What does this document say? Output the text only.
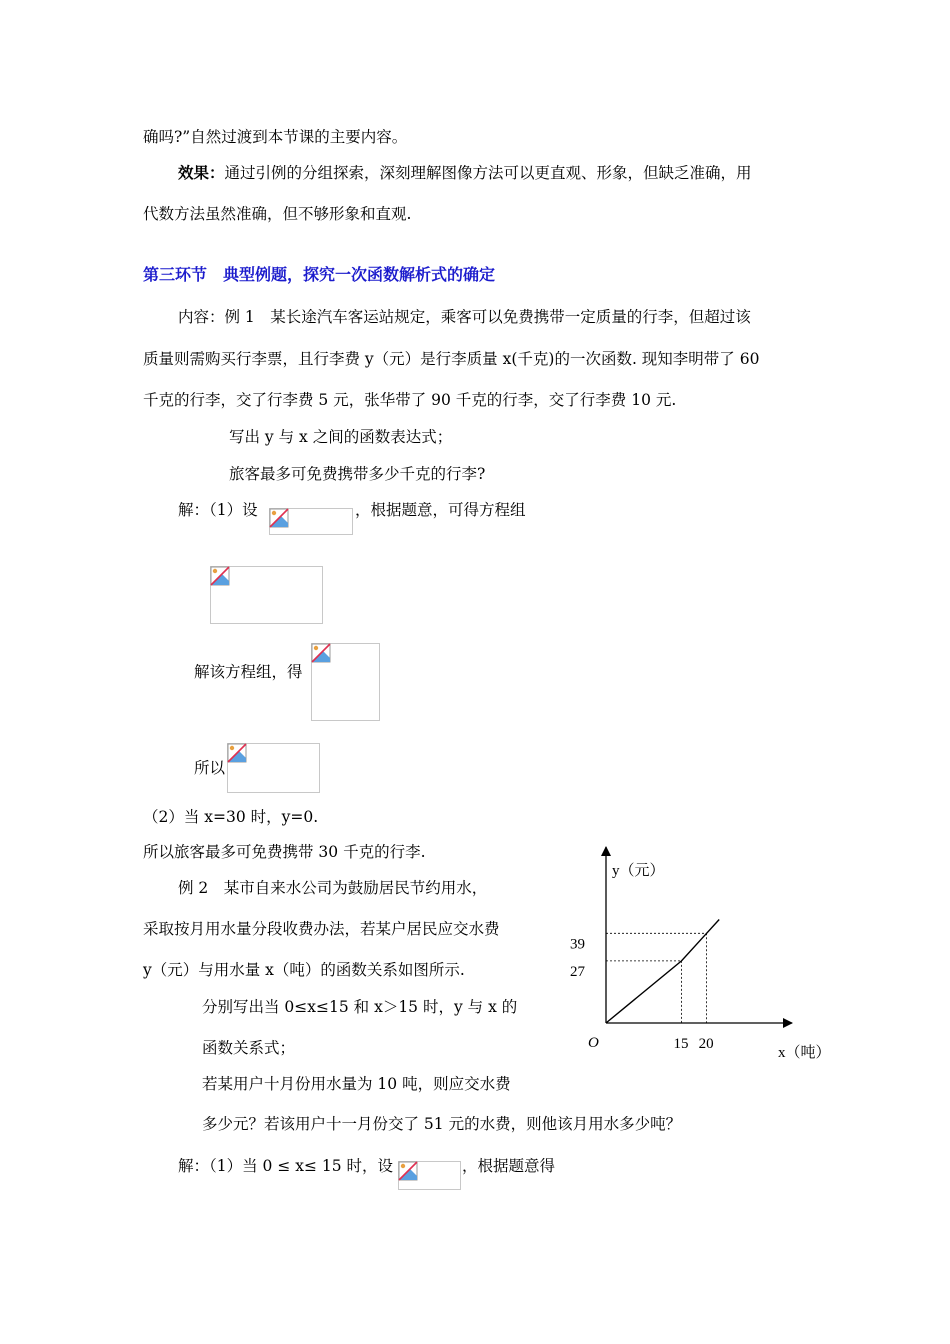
确吗?”自然过渡到本节课的主要内容。
效果：通过引例的分组探索，深刻理解图像方法可以更直观、形象，但缺乏准确，用
代数方法虽然准确，但不够形象和直观.
第三环节　典型例题，探究一次函数解析式的确定
内容：例 1　某长途汽车客运站规定，乘客可以免费携带一定质量的行李，但超过该
质量则需购买行李票，且行李费 y（元）是行李质量 x(千克)的一次函数. 现知李明带了 60
千克的行李，交了行李费 5 元，张华带了 90 千克的行李，交了行李费 10 元.
写出 y 与 x 之间的函数表达式；
旅客最多可免费携带多少千克的行李?
解：（1）设	，根据题意，可得方程组
解该方程组，得
所以
（2）当 x=30 时，y=0.
所以旅客最多可免费携带 30 千克的行李.
例 2　某市自来水公司为鼓励居民节约用水，
采取按月用水量分段收费办法，若某户居民应交水费
y（元）与用水量 x（吨）的函数关系如图所示.
分别写出当 0≤x≤15 和 x＞15 时，y 与 x 的
函数关系式；
若某用户十月份用水量为 10 吨，则应交水费
多少元？若该用户十一月份交了 51 元的水费，则他该月用水多少吨？
解：（1）当 0 ≤ x≤ 15 时，设	，根据题意得
15 20
27
39
y（元）
x（吨）
O
